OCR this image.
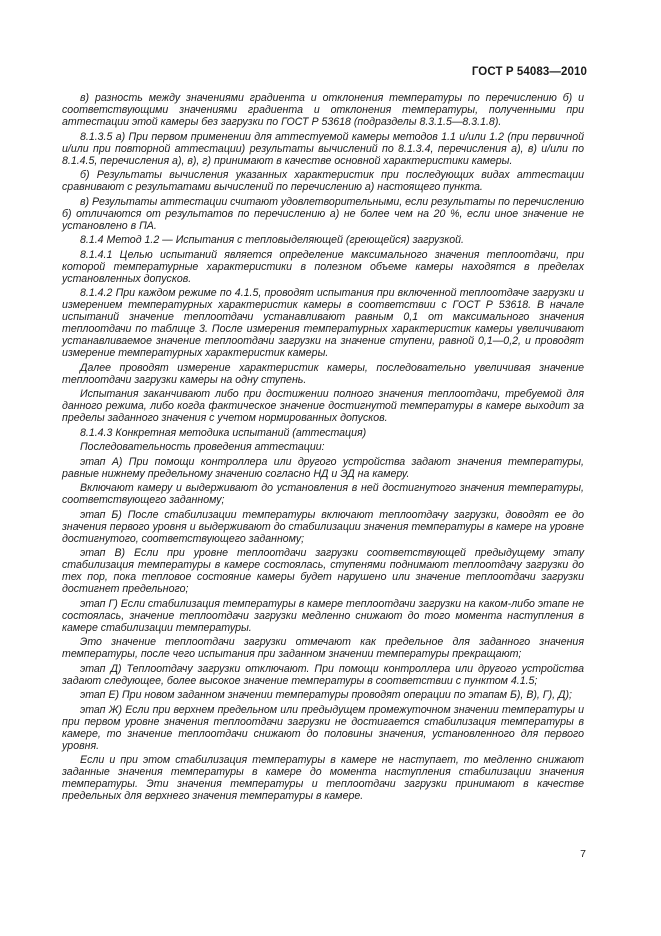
ГОСТ Р 54083—2010

в) разность между значениями градиента и отклонения температуры по перечислению б) и соответствующими значениями градиента и отклонения температуры, полученными при аттестации этой камеры без загрузки по ГОСТ Р 53618 (подразделы 8.3.1.5—8.3.1.8).

8.1.3.5 а) При первом применении для аттестуемой камеры методов 1.1 и/или 1.2 (при первичной и/или при повторной аттестации) результаты вычислений по 8.1.3.4, перечисления а), в) и/или по 8.1.4.5, перечисления а), в), г) принимают в качестве основной характеристики камеры.

б) Результаты вычисления указанных характеристик при последующих видах аттестации сравнивают с результатами вычислений по перечислению а) настоящего пункта.

в) Результаты аттестации считают удовлетворительными, если результаты по перечислению б) отличаются от результатов по перечислению а) не более чем на 20 %, если иное значение не установлено в ПА.

8.1.4 Метод 1.2 — Испытания с тепловыделяющей (греющейся) загрузкой.

8.1.4.1 Целью испытаний является определение максимального значения теплоотдачи, при которой температурные характеристики в полезном объеме камеры находятся в пределах установленных допусков.

8.1.4.2 При каждом режиме по 4.1.5, проводят испытания при включенной теплоотдаче загрузки и измерением температурных характеристик камеры в соответствии с ГОСТ Р 53618. В начале испытаний значение теплоотдачи устанавливают равным 0,1 от максимального значения теплоотдачи по таблице 3. После измерения температурных характеристик камеры увеличивают устанавливаемое значение теплоотдачи загрузки на значение ступени, равной 0,1—0,2, и проводят измерение температурных характеристик камеры.

Далее проводят измерение характеристик камеры, последовательно увеличивая значение теплоотдачи загрузки камеры на одну ступень.

Испытания заканчивают либо при достижении полного значения теплоотдачи, требуемой для данного режима, либо когда фактическое значение достигнутой температуры в камере выходит за пределы заданного значения с учетом нормированных допусков.

8.1.4.3 Конкретная методика испытаний (аттестация)

Последовательность проведения аттестации:

этап А) При помощи контроллера или другого устройства задают значения температуры, равные нижнему предельному значению согласно НД и ЭД на камеру.

Включают камеру и выдерживают до установления в ней достигнутого значения температуры, соответствующего заданному;

этап Б) После стабилизации температуры включают теплоотдачу загрузки, доводят ее до значения первого уровня и выдерживают до стабилизации значения температуры в камере на уровне достигнутого, соответствующего заданному;

этап В) Если при уровне теплоотдачи загрузки соответствующей предыдущему этапу стабилизация температуры в камере состоялась, ступенями поднимают теплоотдачу загрузки до тех пор, пока тепловое состояние камеры будет нарушено или значение теплоотдачи загрузки достигнет предельного;

этап Г) Если стабилизация температуры в камере теплоотдачи загрузки на каком-либо этапе не состоялась, значение теплоотдачи загрузки медленно снижают до того момента наступления в камере стабилизации температуры.

Это значение теплоотдачи загрузки отмечают как предельное для заданного значения температуры, после чего испытания при заданном значении температуры прекращают;

этап Д) Теплоотдачу загрузки отключают. При помощи контроллера или другого устройства задают следующее, более высокое значение температуры в соответствии с пунктом 4.1.5;

этап Е) При новом заданном значении температуры проводят операции по этапам Б), В), Г), Д);

этап Ж) Если при верхнем предельном или предыдущем промежуточном значении температуры и при первом уровне значения теплоотдачи загрузки не достигается стабилизация температуры в камере, то значение теплоотдачи снижают до половины значения, установленного для первого уровня.

Если и при этом стабилизация температуры в камере не наступает, то медленно снижают заданные значения температуры в камере до момента наступления стабилизации значения температуры. Эти значения температуры и теплоотдачи загрузки принимают в качестве предельных для верхнего значения температуры в камере.

7
